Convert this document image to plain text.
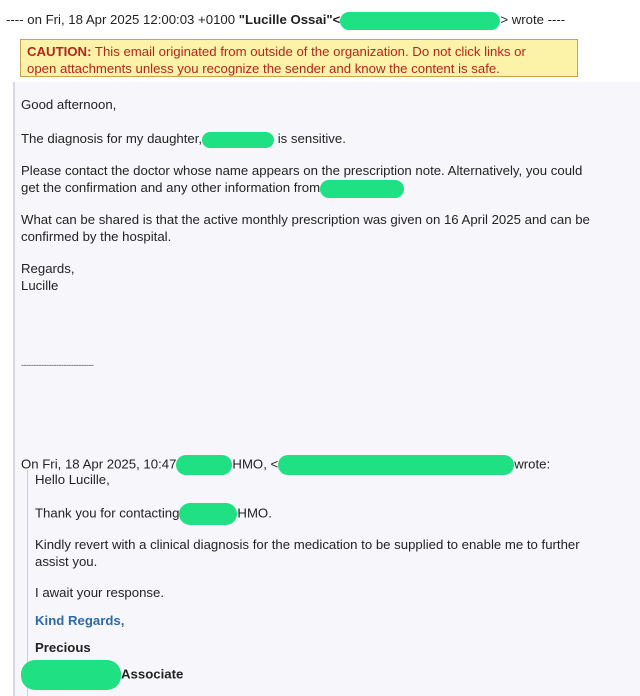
---- on Fri, 18 Apr 2025 12:00:03 +0100 "Lucille Ossai"<	> wrote ----
CAUTION: This email originated from outside of the organization. Do not click links or
open attachments unless you recognize the sender and know the content is safe.
Good afternoon,
The diagnosis for my daughter,	is sensitive.
Please contact the doctor whose name appears on the prescription note. Alternatively, you could
get the confirmation and any other information from
What can be shared is that the active monthly prescription was given on 16 April 2025 and can be
confirmed by the hospital.
Regards,
Lucille
-----------------------------
On Fri, 18 Apr 2025, 10:47	HMO, <	wrote:
Hello Lucille,
Thank you for contacting	HMO.
Kindly revert with a clinical diagnosis for the medication to be supplied to enable me to further
assist you.
I await your response.
Kind Regards,
Precious
Associate
